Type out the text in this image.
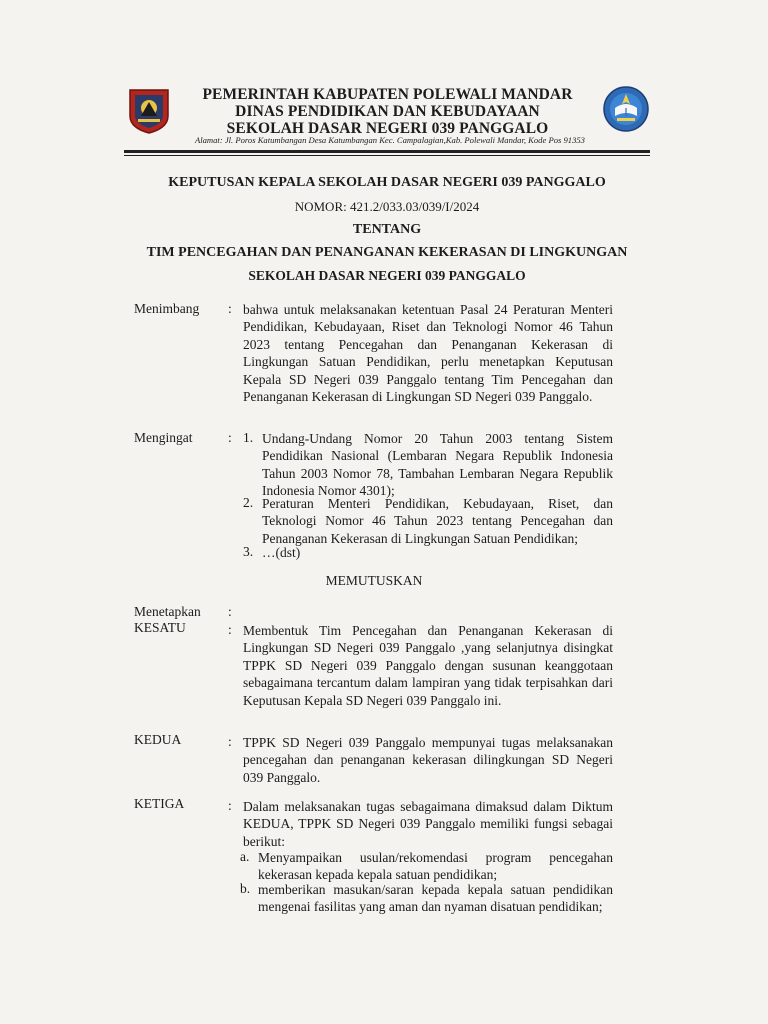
PEMERINTAH KABUPATEN POLEWALI MANDAR
DINAS PENDIDIKAN DAN KEBUDAYAAN
SEKOLAH DASAR NEGERI 039 PANGGALO
Alamat: Jl. Poros Katumbangan Desa Katumbangan Kec. Campalagian,Kab. Polewali Mandar, Kode Pos 91353
KEPUTUSAN KEPALA SEKOLAH DASAR NEGERI 039 PANGGALO
NOMOR: 421.2/033.03/039/I/2024
TENTANG
TIM PENCEGAHAN DAN PENANGANAN KEKERASAN DI LINGKUNGAN
SEKOLAH DASAR NEGERI 039 PANGGALO
Menimbang : bahwa untuk melaksanakan ketentuan Pasal 24 Peraturan Menteri Pendidikan, Kebudayaan, Riset dan Teknologi Nomor 46 Tahun 2023 tentang Pencegahan dan Penanganan Kekerasan di Lingkungan Satuan Pendidikan, perlu menetapkan Keputusan Kepala SD Negeri 039 Panggalo tentang Tim Pencegahan dan Penanganan Kekerasan di Lingkungan SD Negeri 039 Panggalo.
Mengingat	: 1. Undang-Undang Nomor 20 Tahun 2003 tentang Sistem Pendidikan Nasional (Lembaran Negara Republik Indonesia Tahun 2003 Nomor 78, Tambahan Lembaran Negara Republik Indonesia Nomor 4301);
2. Peraturan Menteri Pendidikan, Kebudayaan, Riset, dan Teknologi Nomor 46 Tahun 2023 tentang Pencegahan dan Penanganan Kekerasan di Lingkungan Satuan Pendidikan;
3. …(dst)
MEMUTUSKAN
Menetapkan :
KESATU	: Membentuk Tim Pencegahan dan Penanganan Kekerasan di Lingkungan SD Negeri 039 Panggalo ,yang selanjutnya disingkat TPPK SD Negeri 039 Panggalo dengan susunan keanggotaan sebagaimana tercantum dalam lampiran yang tidak terpisahkan dari Keputusan Kepala SD Negeri 039 Panggalo ini.
KEDUA	: TPPK SD Negeri 039 Panggalo mempunyai tugas melaksanakan pencegahan dan penanganan kekerasan dilingkungan SD Negeri 039 Panggalo.
KETIGA	: Dalam melaksanakan tugas sebagaimana dimaksud dalam Diktum KEDUA, TPPK SD Negeri 039 Panggalo memiliki fungsi sebagai berikut:
a. Menyampaikan usulan/rekomendasi program pencegahan kekerasan kepada kepala satuan pendidikan;
b. memberikan masukan/saran kepada kepala satuan pendidikan mengenai fasilitas yang aman dan nyaman disatuan pendidikan;
